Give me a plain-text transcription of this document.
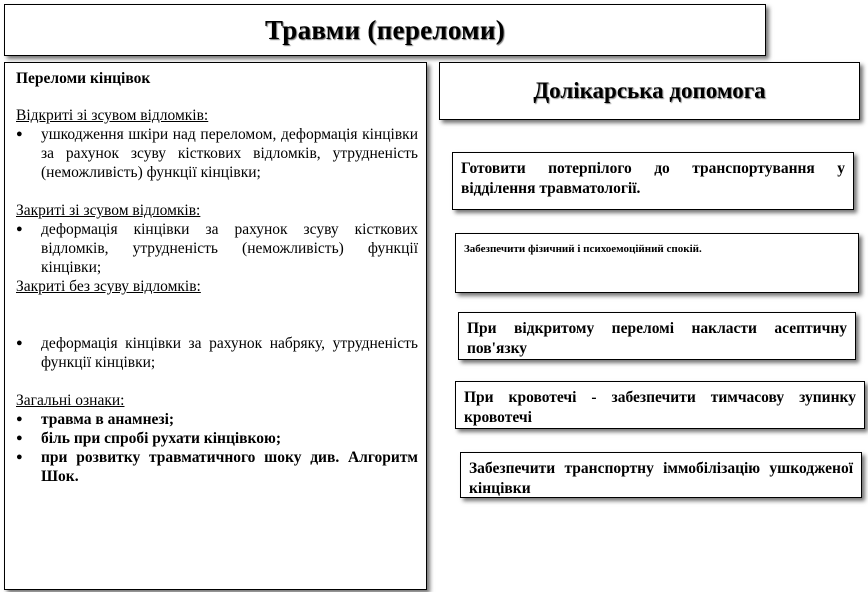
Травми (переломи)

Переломи кінцівок

Відкриті зі зсувом відломків:

● ушкодження шкіри над переломом, деформація кінцівки за рахунок зсуву кісткових відломків, утрудненість (неможливість) функції кінцівки;

Закриті зі зсувом відломків:

● деформація кінцівки за рахунок зсуву кісткових відломків, утрудненість (неможливість) функції кінцівки;

Закриті без зсуву відломків:

● деформація кінцівки за рахунок набряку, утрудненість функції кінцівки;

Загальні ознаки:

● травма в анамнезі;
● біль при спробі рухати кінцівкою;
● при розвитку травматичного шоку див. Алгоритм Шок.
Долікарська допомога
Готовити потерпілого до транспортування у відділення травматології.
Забезпечити фізичний і психоемоційний спокій.
При відкритому переломі накласти асептичну пов'язку
При кровотечі - забезпечити тимчасову зупинку кровотечі
Забезпечити транспортну іммобілізацію ушкодженої кінцівки
